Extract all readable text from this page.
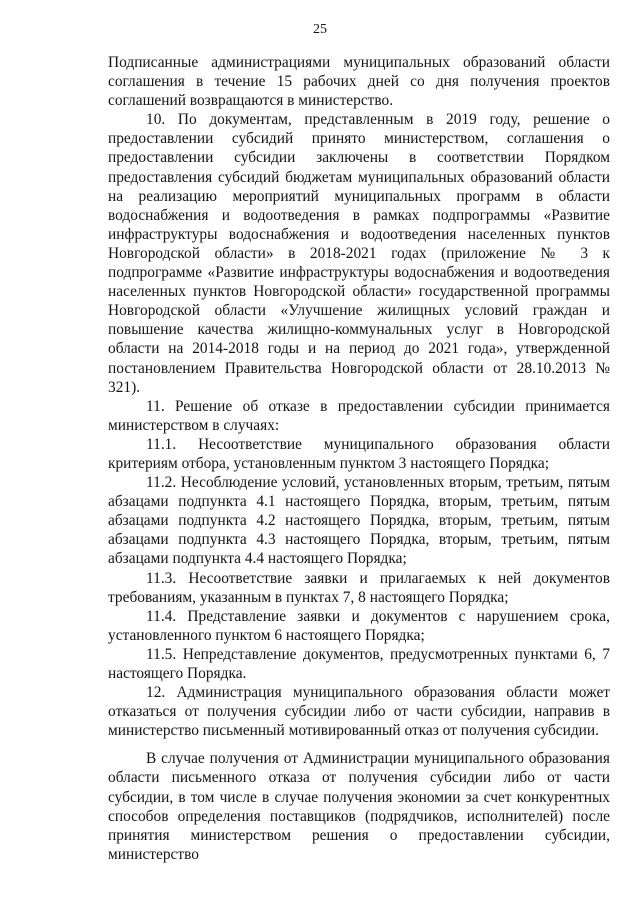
25

Подписанные администрациями муниципальных образований области соглашения в течение 15 рабочих дней со дня получения проектов соглашений возвращаются в министерство.

10. По документам, представленным в 2019 году, решение о предоставлении субсидий принято министерством, соглашения о предоставлении субсидии заключены в соответствии Порядком предоставления субсидий бюджетам муниципальных образований области на реализацию мероприятий муниципальных программ в области водоснабжения и водоотведения в рамках подпрограммы «Развитие инфраструктуры водоснабжения и водоотведения населенных пунктов Новгородской области» в 2018-2021 годах (приложение № 3 к подпрограмме «Развитие инфраструктуры водоснабжения и водоотведения населенных пунктов Новгородской области» государственной программы Новгородской области «Улучшение жилищных условий граждан и повышение качества жилищно-коммунальных услуг в Новгородской области на 2014-2018 годы и на период до 2021 года», утвержденной постановлением Правительства Новгородской области от 28.10.2013 № 321).

11. Решение об отказе в предоставлении субсидии принимается министерством в случаях:

11.1. Несоответствие муниципального образования области критериям отбора, установленным пунктом 3 настоящего Порядка;

11.2. Несоблюдение условий, установленных вторым, третьим, пятым абзацами подпункта 4.1 настоящего Порядка, вторым, третьим, пятым абзацами подпункта 4.2 настоящего Порядка, вторым, третьим, пятым абзацами подпункта 4.3 настоящего Порядка, вторым, третьим, пятым абзацами подпункта 4.4 настоящего Порядка;

11.3. Несоответствие заявки и прилагаемых к ней документов требованиям, указанным в пунктах 7, 8 настоящего Порядка;

11.4. Представление заявки и документов с нарушением срока, установленного пунктом 6 настоящего Порядка;

11.5. Непредставление документов, предусмотренных пунктами 6, 7 настоящего Порядка.

12. Администрация муниципального образования области может отказаться от получения субсидии либо от части субсидии, направив в министерство письменный мотивированный отказ от получения субсидии.

В случае получения от Администрации муниципального образования области письменного отказа от получения субсидии либо от части субсидии, в том числе в случае получения экономии за счет конкурентных способов определения поставщиков (подрядчиков, исполнителей) после принятия министерством решения о предоставлении субсидии, министерство
